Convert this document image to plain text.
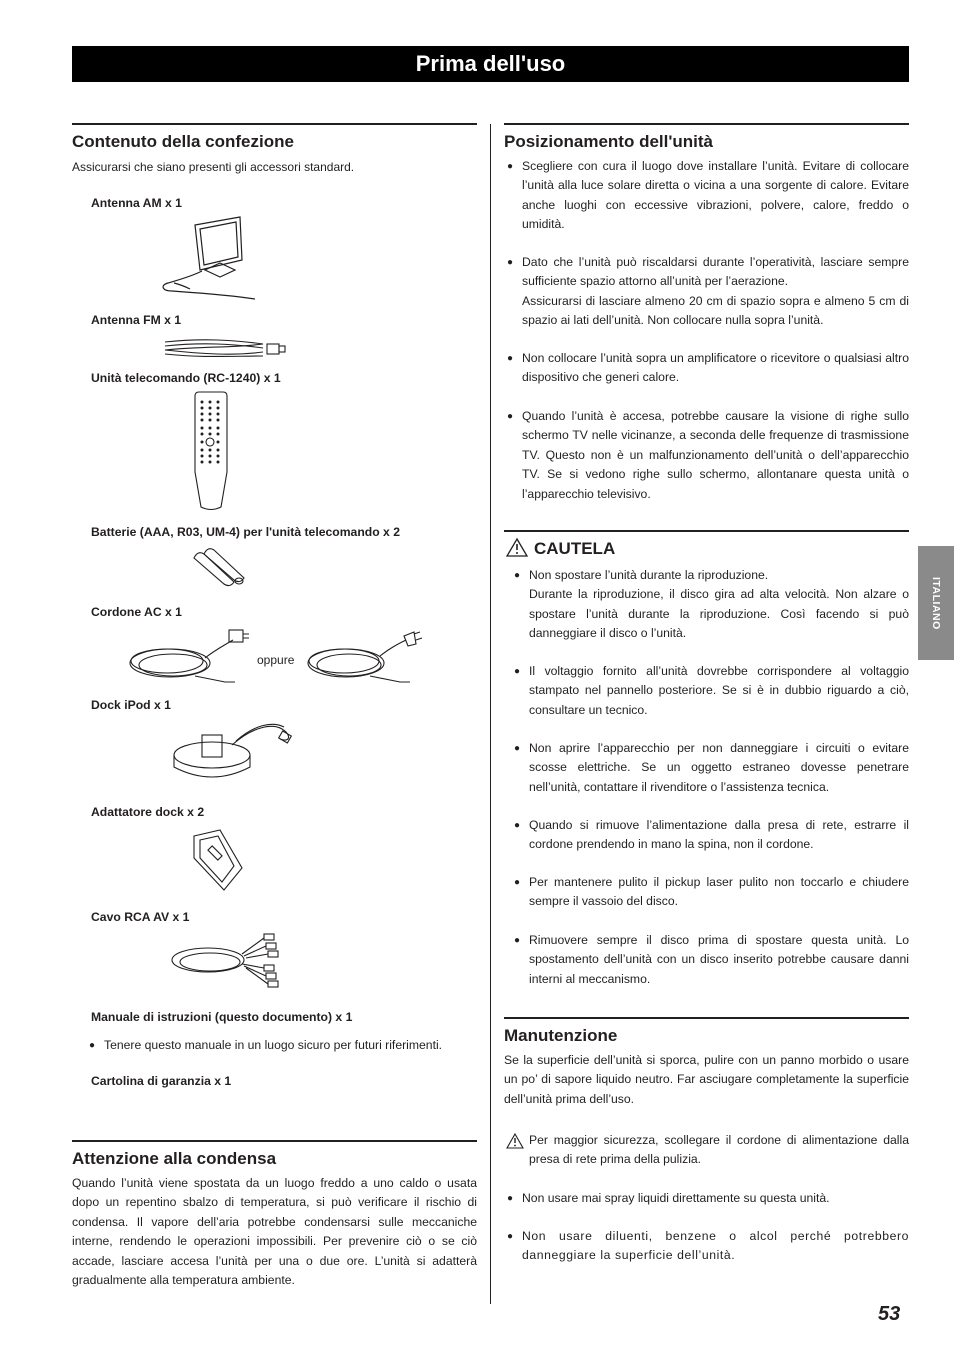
Prima dell'uso
Contenuto della confezione
Assicurarsi che siano presenti gli accessori standard.
Antenna AM x 1
Antenna FM x 1
Unità telecomando (RC-1240) x 1
Batterie (AAA, R03, UM-4) per l'unità telecomando x 2
Cordone AC x 1
oppure
Dock iPod x 1
Adattatore dock x 2
Cavo RCA AV x 1
Manuale di istruzioni (questo documento) x 1
● Tenere questo manuale in un luogo sicuro per futuri riferimenti.
Cartolina di garanzia x 1
Attenzione alla condensa
Quando l’unità viene spostata da un luogo freddo a uno caldo o usata dopo un repentino sbalzo di temperatura, si può verificare il rischio di condensa. Il vapore dell’aria potrebbe condensarsi sulle meccaniche interne, rendendo le operazioni impossibili. Per prevenire ciò o se ciò accade, lasciare accesa l’unità per una o due ore. L’unità si adatterà gradualmente alla temperatura ambiente.
Posizionamento dell'unità
● Scegliere con cura il luogo dove installare l’unità. Evitare di collocare l’unità alla luce solare diretta o vicina a una sorgente di calore. Evitare anche luoghi con eccessive vibrazioni, polvere, calore, freddo o umidità.
● Dato che l’unità può riscaldarsi durante l’operatività, lasciare sempre sufficiente spazio attorno all’unità per l’aerazione.
Assicurarsi di lasciare almeno 20 cm di spazio sopra e almeno 5 cm di spazio ai lati dell’unità. Non collocare nulla sopra l’unità.
● Non collocare l’unità sopra un amplificatore o ricevitore o qualsiasi altro dispositivo che generi calore.
● Quando l’unità è accesa, potrebbe causare la visione di righe sullo schermo TV nelle vicinanze, a seconda delle frequenze di trasmissione TV. Questo non è un malfunzionamento dell’unità o dell’apparecchio TV. Se si vedono righe sullo schermo, allontanare questa unità o l’apparecchio televisivo.
CAUTELA
● Non spostare l’unità durante la riproduzione.
Durante la riproduzione, il disco gira ad alta velocità. Non alzare o spostare l’unità durante la riproduzione. Così facendo si può danneggiare il disco o l’unità.
● Il voltaggio fornito all’unità dovrebbe corrispondere al voltaggio stampato nel pannello posteriore. Se si è in dubbio riguardo a ciò, consultare un tecnico.
● Non aprire l’apparecchio per non danneggiare i circuiti o evitare scosse elettriche. Se un oggetto estraneo dovesse penetrare nell’unità, contattare il rivenditore o l’assistenza tecnica.
● Quando si rimuove l’alimentazione dalla presa di rete, estrarre il cordone prendendo in mano la spina, non il cordone.
● Per mantenere pulito il pickup laser pulito non toccarlo e chiudere sempre il vassoio del disco.
● Rimuovere sempre il disco prima di spostare questa unità. Lo spostamento dell’unità con un disco inserito potrebbe causare danni interni al meccanismo.
Manutenzione
Se la superficie dell’unità si sporca, pulire con un panno morbido o usare un po’ di sapore liquido neutro. Far asciugare completamente la superficie dell’unità prima dell’uso.
Per maggior sicurezza, scollegare il cordone di alimentazione dalla presa di rete prima della pulizia.
● Non usare mai spray liquidi direttamente su questa unità.
● Non usare diluenti, benzene o alcol perché potrebbero danneggiare la superficie dell’unità.
ITALIANO
53
